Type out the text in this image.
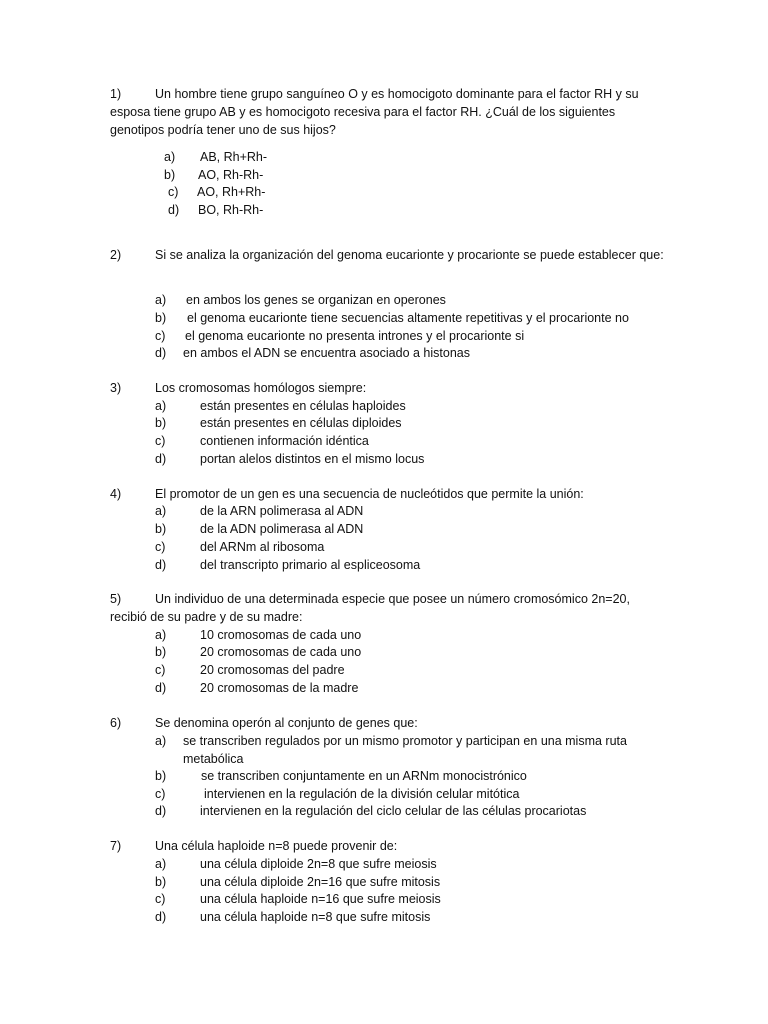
1)	Un hombre tiene grupo sanguíneo O y es homocigoto dominante para el factor RH y su esposa tiene grupo AB y es homocigoto recesiva para el factor RH. ¿Cuál de los siguientes genotipos podría tener uno de sus hijos?
a) AB, Rh+Rh-
b) AO, Rh-Rh-
c) AO, Rh+Rh-
d) BO, Rh-Rh-
2)	Si se analiza la organización del genoma eucarionte y procarionte se puede establecer que:
a) en ambos los genes se organizan en operones
b) el genoma eucarionte tiene secuencias altamente repetitivas y el procarionte no
c) el genoma eucarionte no presenta intrones y el procarionte si
d) en ambos el ADN se encuentra asociado a histonas
3)	Los cromosomas homólogos siempre:
a)	están presentes en células haploides
b)	están presentes en células diploides
c)	contienen información idéntica
d)	portan alelos distintos en el mismo locus
4)	El promotor de un gen es una secuencia de nucleótidos que permite la unión:
a)	de la ARN polimerasa al ADN
b)	de la ADN polimerasa al ADN
c)	del ARNm al ribosoma
d)	del transcripto primario al espliceosoma
5)	Un individuo de una determinada especie que posee un número cromosómico 2n=20, recibió de su padre y de su madre:
a)	10 cromosomas de cada uno
b)	20 cromosomas de cada uno
c)	20 cromosomas del padre
d)	20 cromosomas de la madre
6)	Se denomina operón al conjunto de genes que:
a) se transcriben regulados por un mismo promotor y participan en una misma ruta metabólica
b)	se transcriben conjuntamente en un ARNm monocistrónico
c)	intervienen en la regulación de la división celular mitótica
d)	intervienen en la regulación del ciclo celular de las células procariotas
7)	Una célula haploide n=8 puede provenir de:
a)	una célula diploide 2n=8 que sufre meiosis
b)	una célula diploide 2n=16 que sufre mitosis
c)	una célula haploide n=16 que sufre meiosis
d)	una célula haploide n=8 que sufre mitosis
